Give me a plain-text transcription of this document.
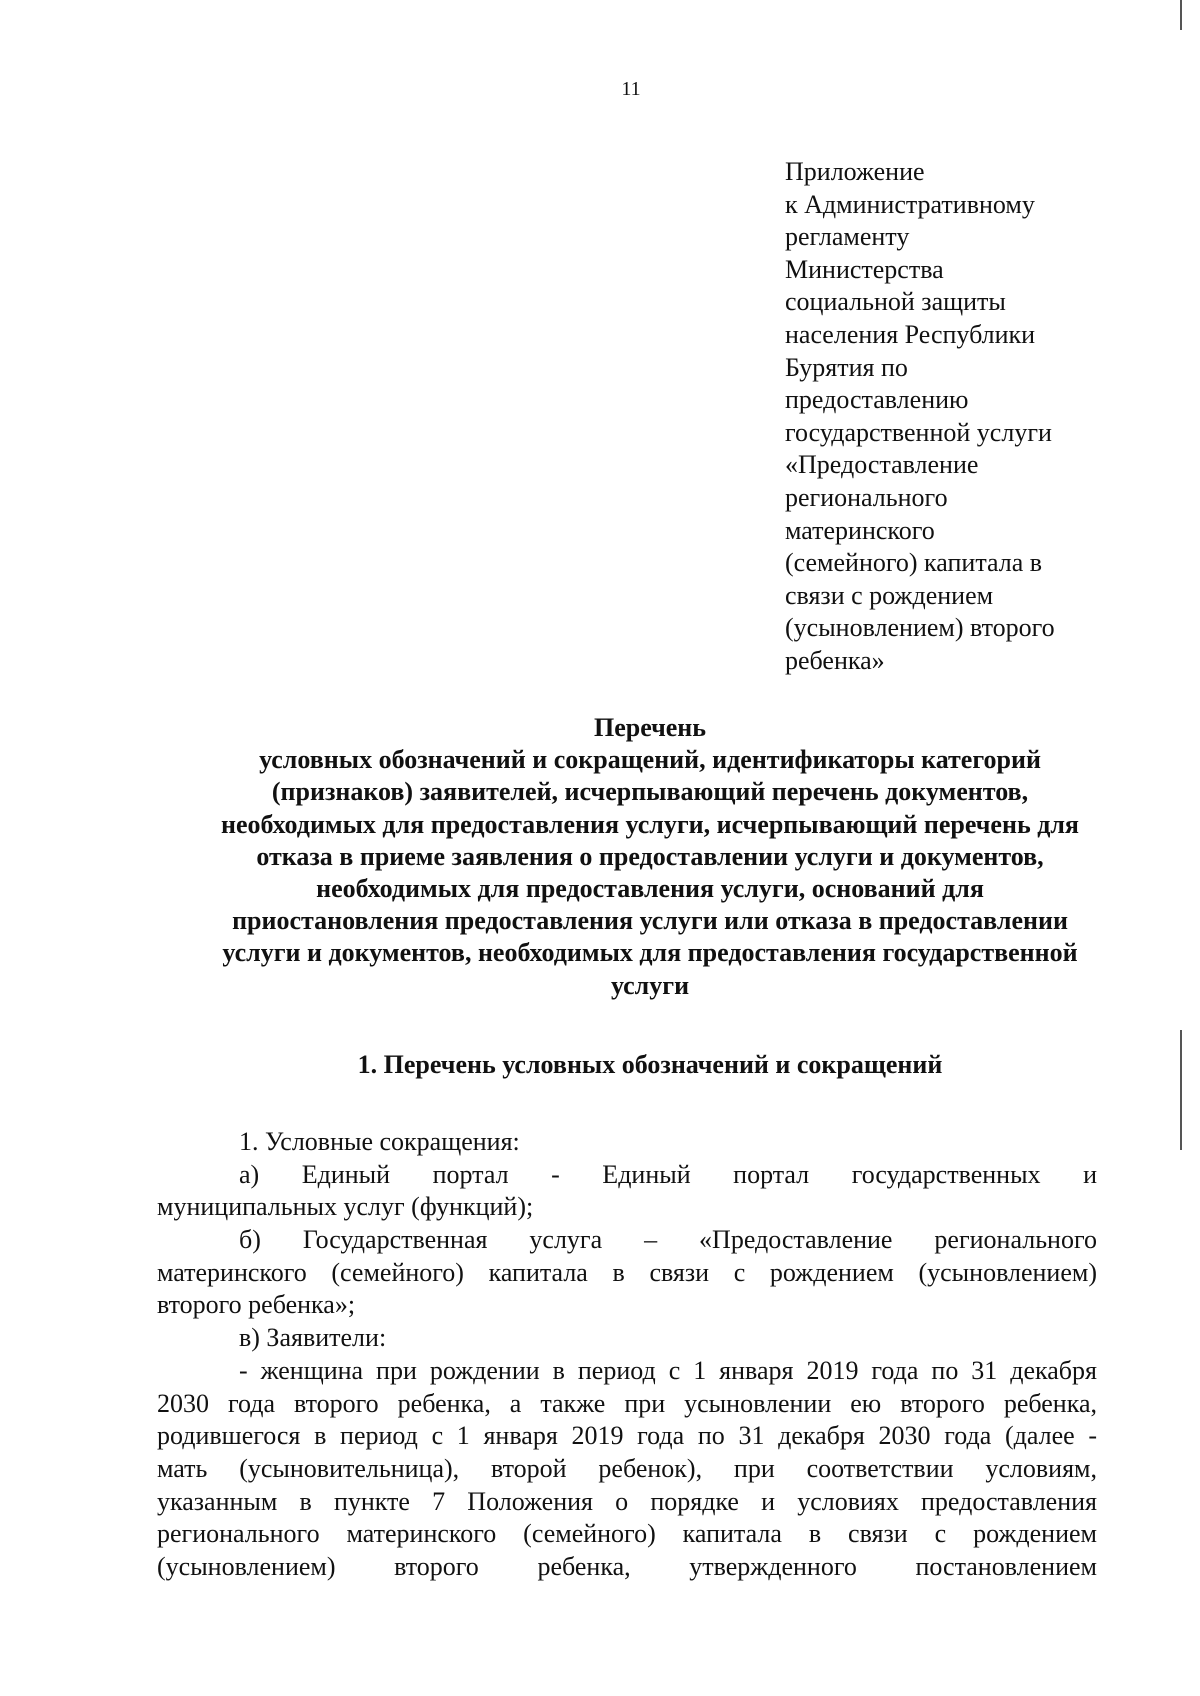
11
Приложение
к Административному
регламенту
Министерства
социальной защиты
населения Республики
Бурятия по
предоставлению
государственной услуги
«Предоставление
регионального
материнского
(семейного) капитала в
связи с рождением
(усыновлением) второго
ребенка»
Перечень
условных обозначений и сокращений, идентификаторы категорий
(признаков) заявителей, исчерпывающий перечень документов,
необходимых для предоставления услуги, исчерпывающий перечень для
отказа в приеме заявления о предоставлении услуги и документов,
необходимых для предоставления услуги, оснований для
приостановления предоставления услуги или отказа в предоставлении
услуги и документов, необходимых для предоставления государственной
услуги
1. Перечень условных обозначений и сокращений
1. Условные сокращения:
а) Единый портал - Единый портал государственных и
муниципальных услуг (функций);
б) Государственная услуга – «Предоставление регионального
материнского (семейного) капитала в связи с рождением (усыновлением)
второго ребенка»;
в) Заявители:
- женщина при рождении в период с 1 января 2019 года по 31 декабря
2030 года второго ребенка, а также при усыновлении ею второго ребенка,
родившегося в период с 1 января 2019 года по 31 декабря 2030 года (далее -
мать (усыновительница), второй ребенок), при соответствии условиям,
указанным в пункте 7 Положения о порядке и условиях предоставления
регионального материнского (семейного) капитала в связи с рождением
(усыновлением) второго ребенка, утвержденного постановлением
